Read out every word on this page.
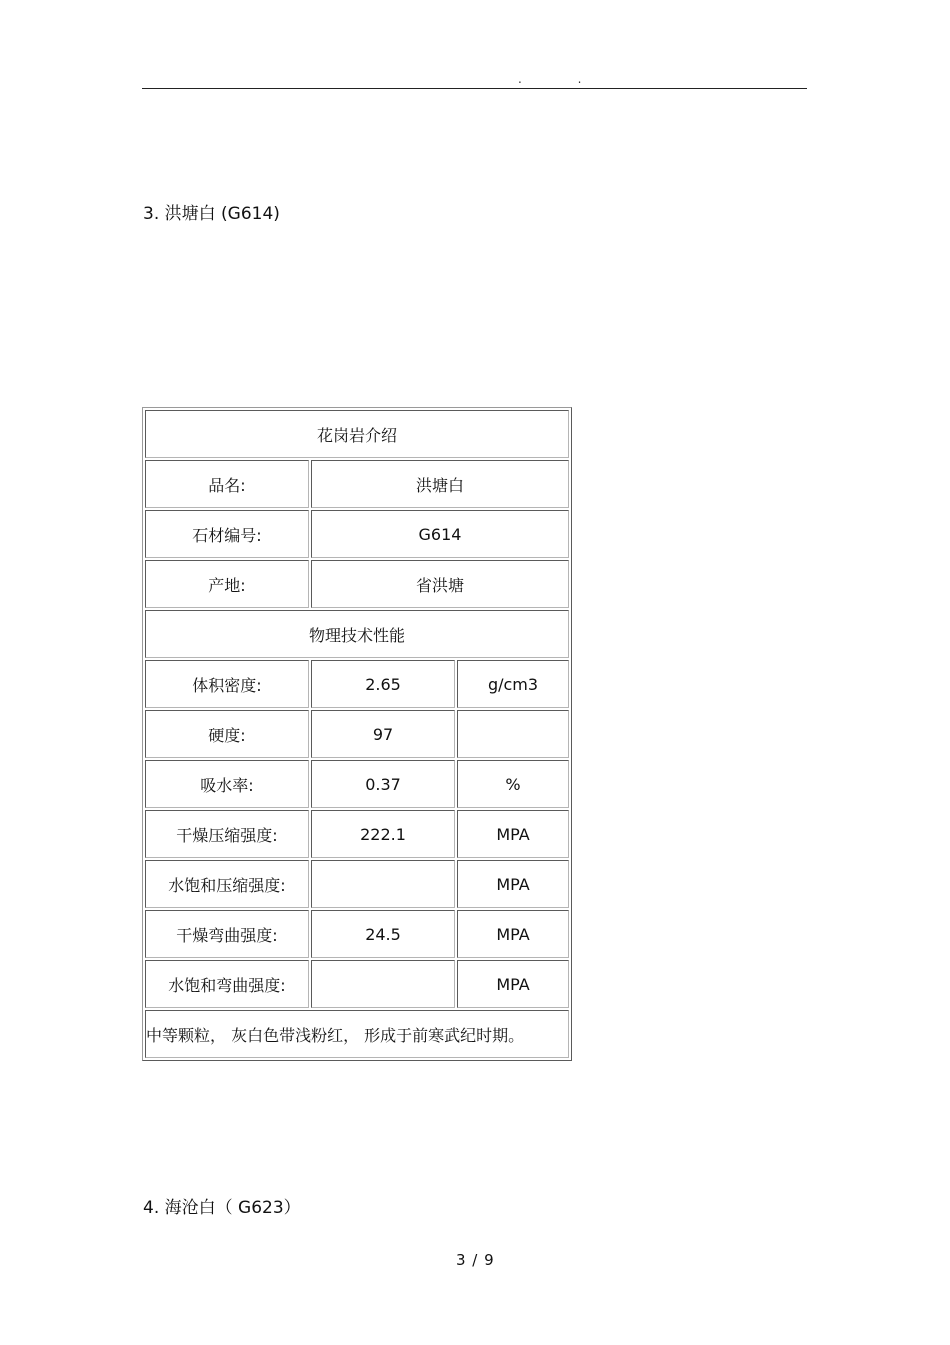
. .
3. 洪塘白 (G614)
花岗岩介绍		
品名:	洪塘白	
石材编号:	G614	
产地:	省洪塘	
物理技术性能		
体积密度:	2.65	g/cm3
硬度:	97	
吸水率:	0.37	%
干燥压缩强度:	222.1	MPA
水饱和压缩强度:		MPA
干燥弯曲强度:	24.5	MPA
水饱和弯曲强度:		MPA
中等颗粒， 灰白色带浅粉红， 形成于前寒武纪时期。		
4. 海沧白（ G623）
3 / 9
